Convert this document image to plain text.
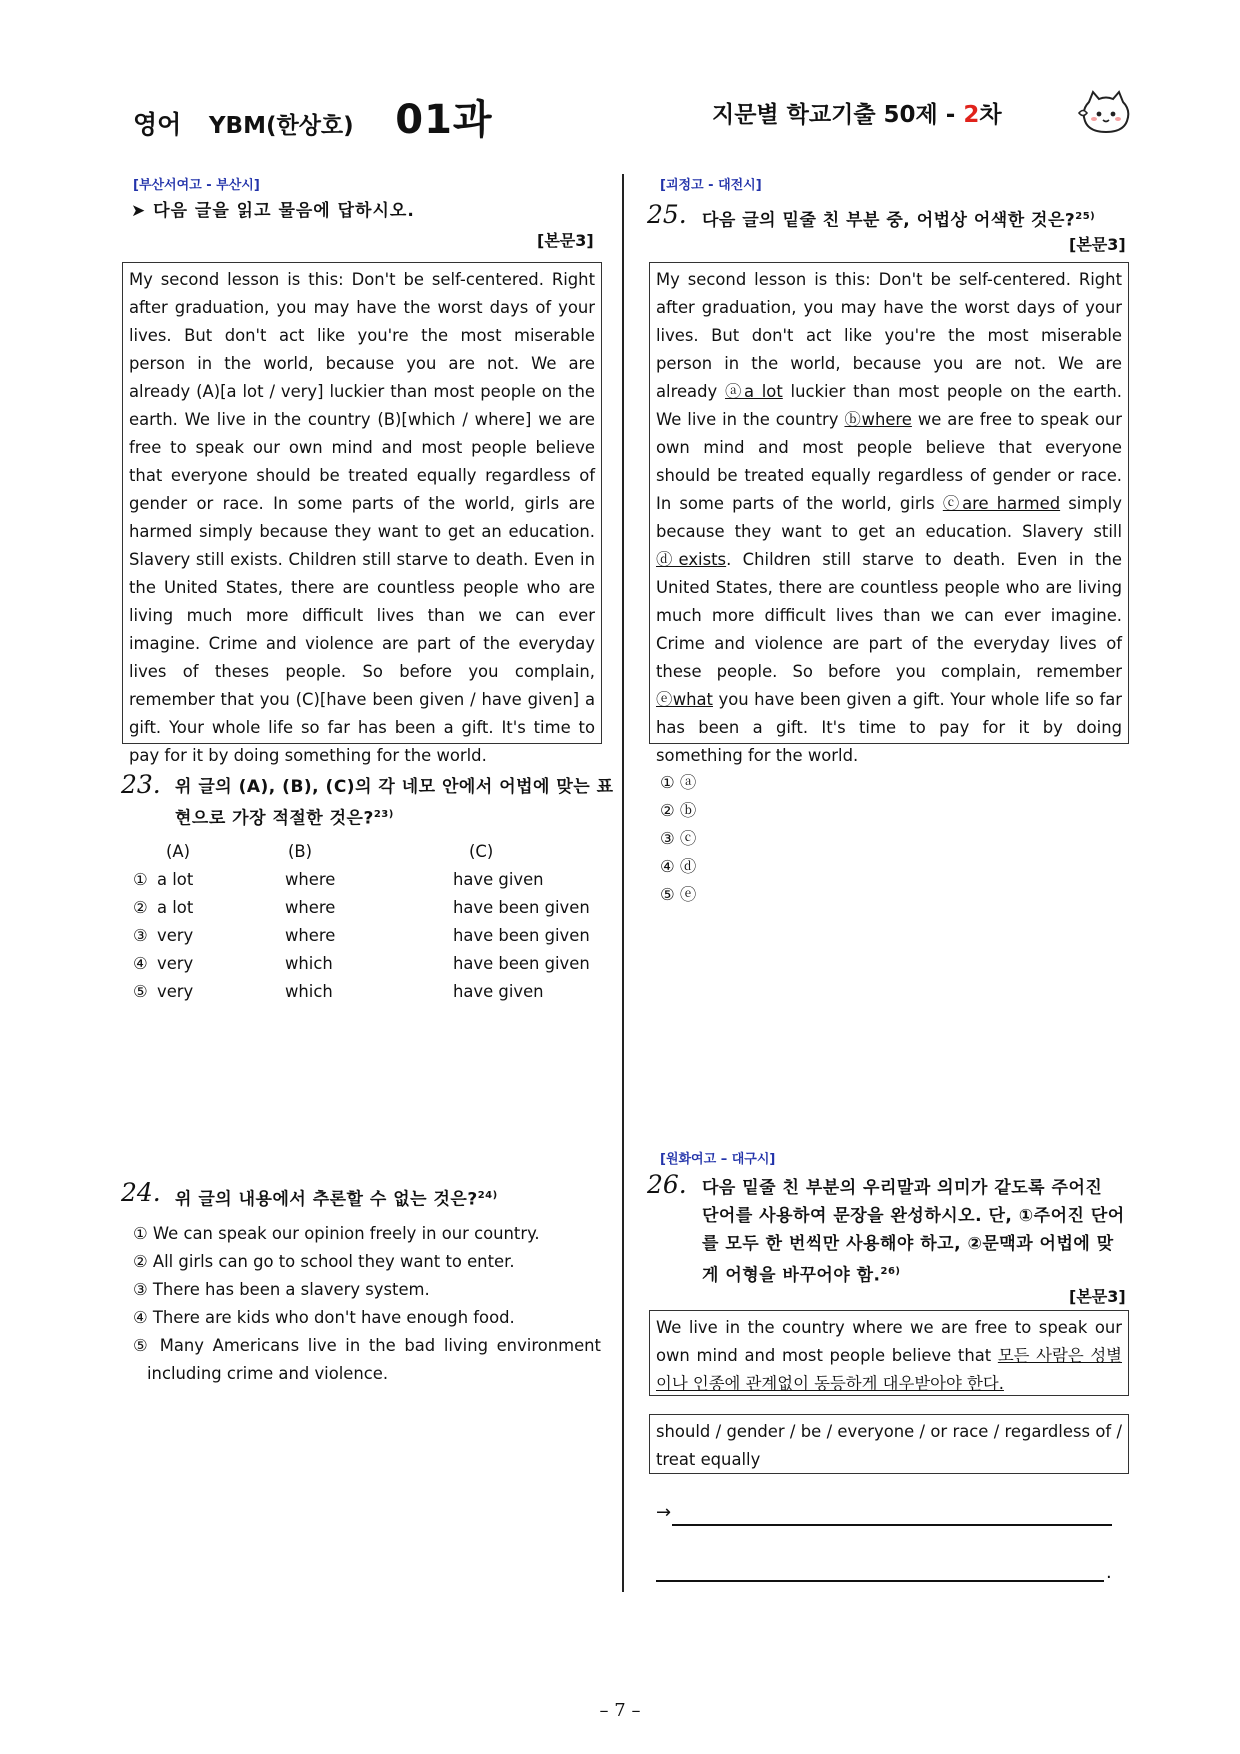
영어 YBM(한상호) 01과	지문별 학교기출 50제 - 2차
[부산서여고 - 부산시]
➤ 다음 글을 읽고 물음에 답하시오.
[본문3]
My second lesson is this: Don't be self-centered. Right after graduation, you may have the worst days of your lives. But don't act like you're the most miserable person in the world, because you are not. We are already (A)[a lot / very] luckier than most people on the earth. We live in the country (B)[which / where] we are free to speak our own mind and most people believe that everyone should be treated equally regardless of gender or race. In some parts of the world, girls are harmed simply because they want to get an education. Slavery still exists. Children still starve to death. Even in the United States, there are countless people who are living much more difficult lives than we can ever imagine. Crime and violence are part of the everyday lives of theses people. So before you complain, remember that you (C)[have been given / have given] a gift. Your whole life so far has been a gift. It's time to pay for it by doing something for the world.
23. 위 글의 (A), (B), (C)의 각 네모 안에서 어법에 맞는 표
현으로 가장 적절한 것은?$^{23)}$
(A)	(B)	(C)
① a lot	where	have given
② a lot	where	have been given
③ very	where	have been given
④ very	which	have been given
⑤ very	which	have given
24. 위 글의 내용에서 추론할 수 없는 것은?$^{24)}$
① We can speak our opinion freely in our country.
② All girls can go to school they want to enter.
③ There has been a slavery system.
④ There are kids who don't have enough food.
⑤ Many Americans live in the bad living environment
including crime and violence.
[괴정고 - 대전시]
25. 다음 글의 밑줄 친 부분 중, 어법상 어색한 것은?$^{25)}$
[본문3]
My second lesson is this: Don't be self-centered. Right after graduation, you may have the worst days of your lives. But don't act like you're the most miserable person in the world, because you are not. We are already ⓐa lot luckier than most people on the earth. We live in the country ⓑwhere we are free to speak our own mind and most people believe that everyone should be treated equally regardless of gender or race. In some parts of the world, girls ⓒare harmed simply because they want to get an education. Slavery still ⓓexists. Children still starve to death. Even in the United States, there are countless people who are living much more difficult lives than we can ever imagine. Crime and violence are part of the everyday lives of these people. So before you complain, remember ⓔwhat you have been given a gift. Your whole life so far has been a gift. It's time to pay for it by doing something for the world.
① ⓐ
② ⓑ
③ ⓒ
④ ⓓ
⑤ ⓔ
[원화여고 – 대구시]
26. 다음 밑줄 친 부분의 우리말과 의미가 같도록 주어진
단어를 사용하여 문장을 완성하시오. 단, ①주어진 단어
를 모두 한 번씩만 사용해야 하고, ②문맥과 어법에 맞
게 어형을 바꾸어야 함.$^{26)}$
[본문3]
We live in the country where we are free to speak our own mind and most people believe that 모든 사람은 성별이나 인종에 관계없이 동등하게 대우받아야 한다.
should / gender / be / everyone / or race / regardless of / treat equally
→
.
– 7 –
